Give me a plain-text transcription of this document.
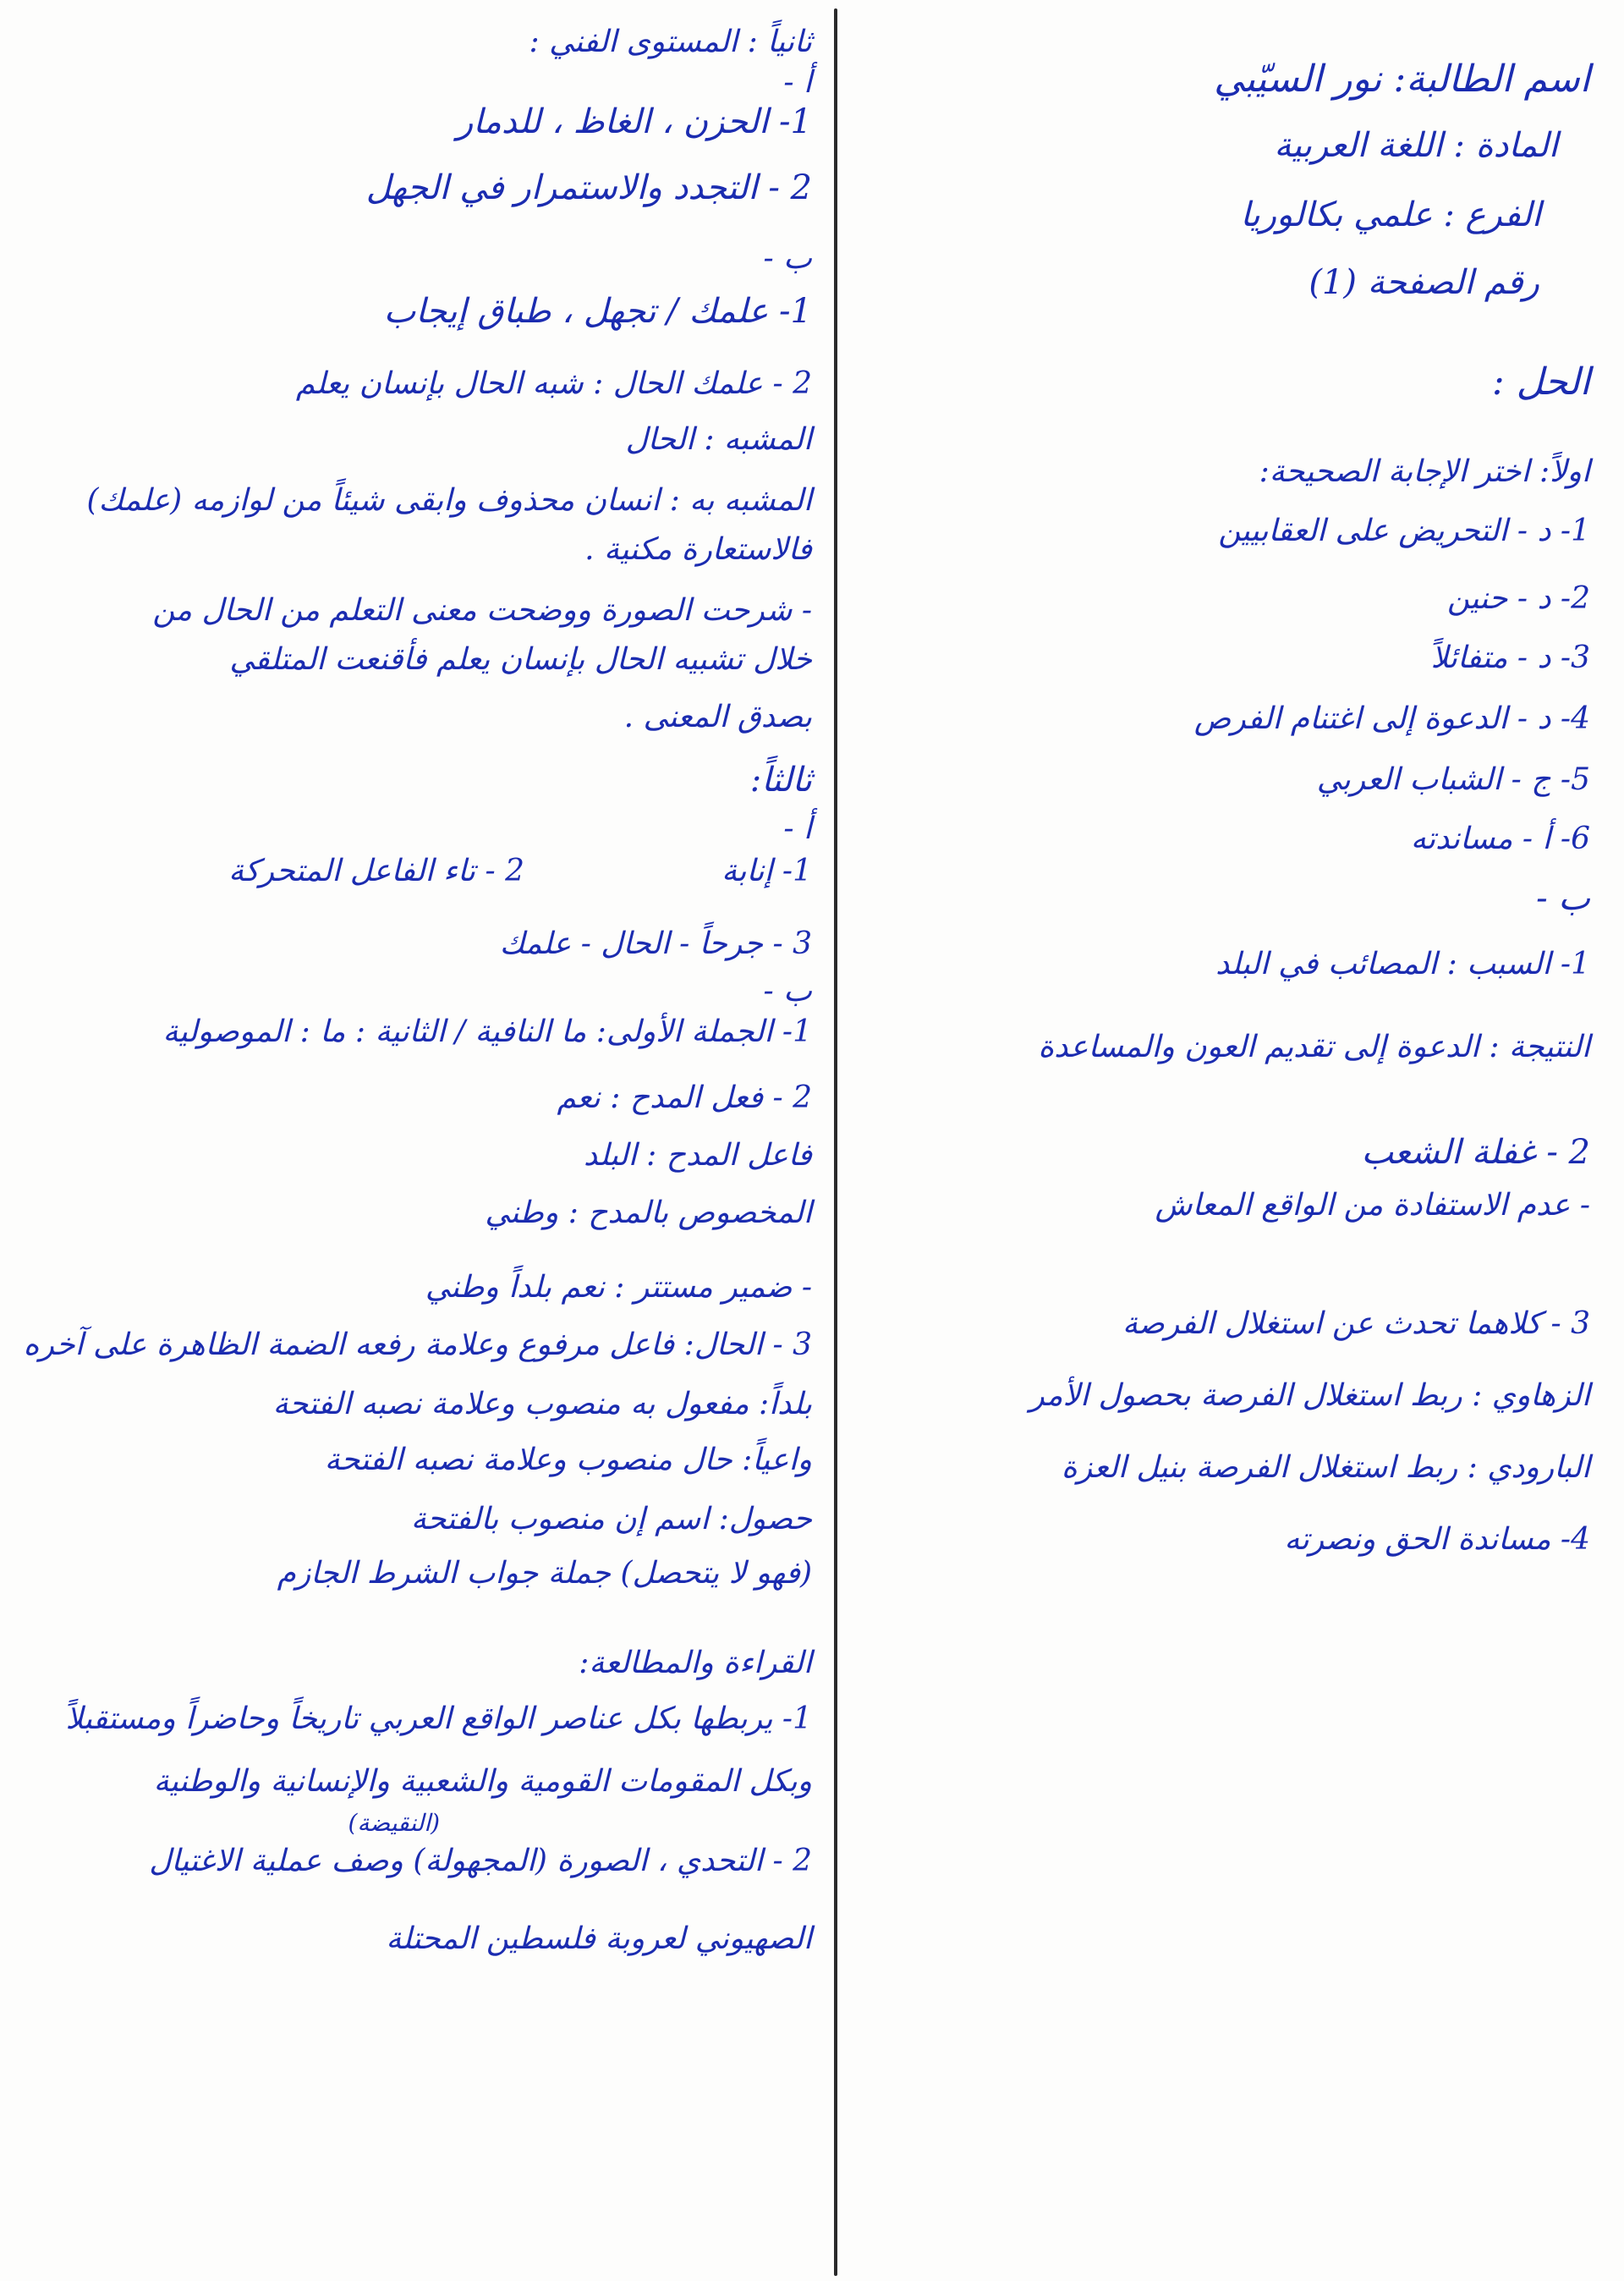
اسم الطالبة: نور السيّبي
المادة : اللغة العربية
الفرع : علمي بكالوريا
رقم الصفحة (1)
الحل :
اولاً: اختر الإجابة الصحيحة:
1- د - التحريض على العقابيين
2- د - حنين
3- د - متفائلاً
4- د - الدعوة إلى اغتنام الفرص
5- ج - الشباب العربي
6- أ - مساندته
ب -
1- السبب : المصائب في البلد
النتيجة : الدعوة إلى تقديم العون والمساعدة
2 - غفلة الشعب
- عدم الاستفادة من الواقع المعاش
3 - كلاهما تحدث عن استغلال الفرصة
الزهاوي : ربط استغلال الفرصة بحصول الأمر
البارودي : ربط استغلال الفرصة بنيل العزة
4- مساندة الحق ونصرته
ثانياً : المستوى الفني :
أ -
1- الحزن ، الغاظ ، للدمار
2 - التجدد والاستمرار في الجهل
ب -
1- علمك / تجهل ، طباق إيجاب
2 - علمك الحال : شبه الحال بإنسان يعلم
المشبه : الحال
المشبه به : انسان محذوف وابقى شيئاً من لوازمه (علمك)
فالاستعارة مكنية .
- شرحت الصورة ووضحت معنى التعلم من الحال من
خلال تشبيه الحال بإنسان يعلم فأقنعت المتلقي
بصدق المعنى .
ثالثاً:
أ -
1- إنابة
2 - تاء الفاعل المتحركة
3 - جرحاً - الحال - علمك
ب -
1- الجملة الأولى: ما النافية / الثانية : ما : الموصولية
2 - فعل المدح : نعم
فاعل المدح : البلد
المخصوص بالمدح : وطني
- ضمير مستتر : نعم بلداً وطني
3 - الحال: فاعل مرفوع وعلامة رفعه الضمة الظاهرة على آخره
بلداً: مفعول به منصوب وعلامة نصبه الفتحة
واعياً: حال منصوب وعلامة نصبه الفتحة
حصول: اسم إن منصوب بالفتحة
(فهو لا يتحصل) جملة جواب الشرط الجازم
القراءة والمطالعة:
1- يربطها بكل عناصر الواقع العربي تاريخاً وحاضراً ومستقبلاً
وبكل المقومات القومية والشعبية والإنسانية والوطنية
(النقيضة)
2 - التحدي ، الصورة (المجهولة) وصف عملية الاغتيال
الصهيوني لعروبة فلسطين المحتلة
